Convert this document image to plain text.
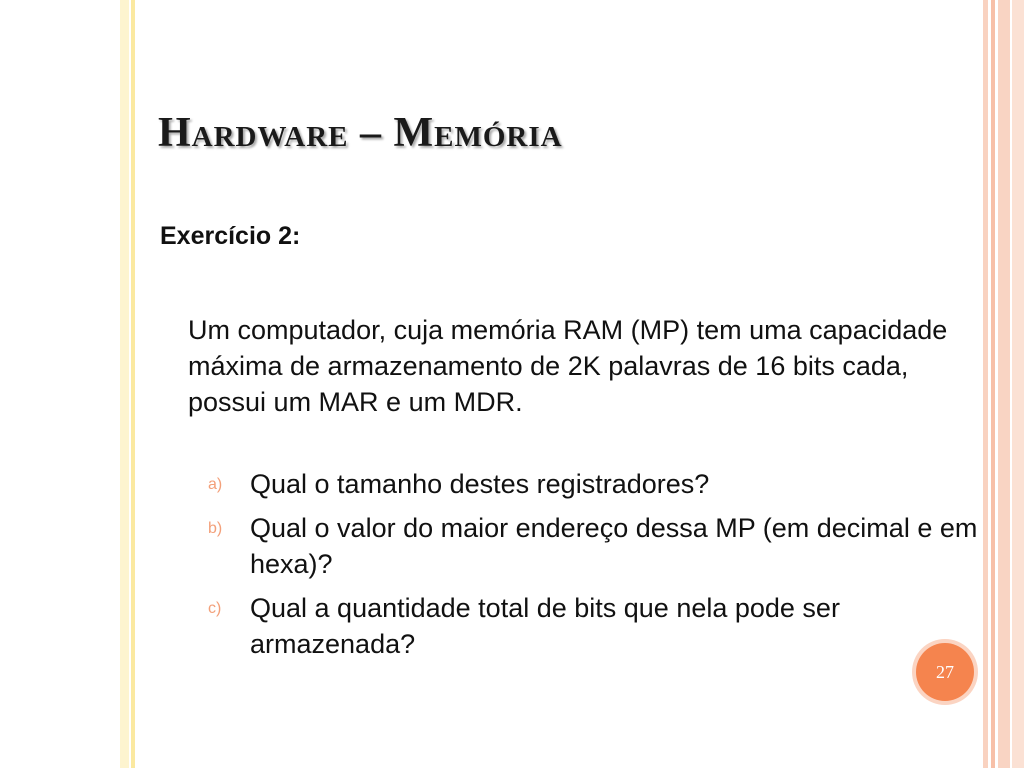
Hardware – Memória
Exercício 2:
Um computador, cuja memória RAM (MP) tem uma capacidade máxima de armazenamento de 2K palavras de 16 bits cada, possui um MAR e um MDR.
a) Qual o tamanho destes registradores?
b) Qual o valor do maior endereço dessa MP (em decimal e em hexa)?
c) Qual a quantidade total de bits que nela pode ser armazenada?
27
